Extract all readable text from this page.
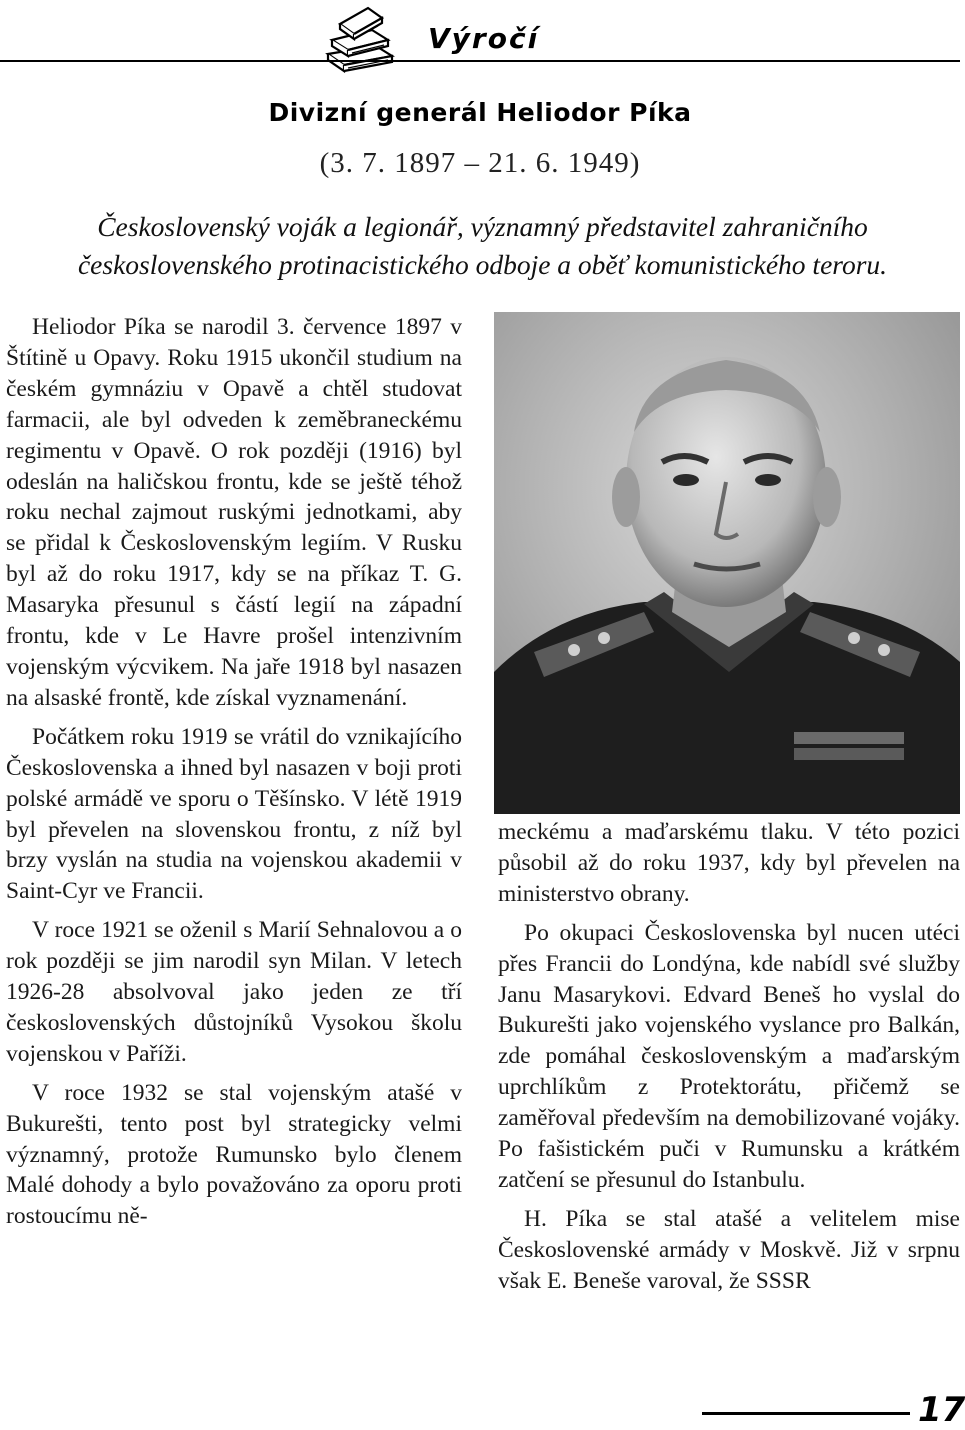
Výročí
Divizní generál Heliodor Píka
(3. 7. 1897 – 21. 6. 1949)
Československý voják a legionář, významný představitel zahraničního československého protinacistického odboje a oběť komunistického teroru.

Heliodor Píka se narodil 3. července 1897 v Štítině u Opavy. Roku 1915 ukončil studium na českém gymnáziu v Opavě a chtěl studovat farmacii, ale byl odveden k zeměbraneckému regimentu v Opavě. O rok později (1916) byl odeslán na haličskou frontu, kde se ještě téhož roku nechal zajmout ruskými jednotkami, aby se přidal k Československým legiím. V Rusku byl až do roku 1917, kdy se na příkaz T. G. Masaryka přesunul s částí legií na západní frontu, kde v Le Havre prošel intenzivním vojenským výcvikem. Na jaře 1918 byl nasazen na alsaské frontě, kde získal vyznamenání.

Počátkem roku 1919 se vrátil do vznikajícího Československa a ihned byl nasazen v boji proti polské armádě ve sporu o Těšínsko. V létě 1919 byl převelen na slovenskou frontu, z níž byl brzy vyslán na studia na vojenskou akademii v Saint-Cyr ve Francii.

V roce 1921 se oženil s Marií Sehnalovou a o rok později se jim narodil syn Milan. V letech 1926-28 absolvoval jako jeden ze tří československých důstojníků Vysokou školu vojenskou v Paříži.

V roce 1932 se stal vojenským atašé v Bukurešti, tento post byl strategicky velmi významný, protože Rumunsko bylo členem Malé dohody a bylo považováno za oporu proti rostoucímu ně-

meckému a maďarskému tlaku. V této pozici působil až do roku 1937, kdy byl převelen na ministerstvo obrany.

Po okupaci Československa byl nucen utéci přes Francii do Londýna, kde nabídl své služby Janu Masarykovi. Edvard Beneš ho vyslal do Bukurešti jako vojenského vyslance pro Balkán, zde pomáhal československým a maďarským uprchlíkům z Protektorátu, přičemž se zaměřoval především na demobilizované vojáky. Po fašistickém puči v Rumunsku a krátkém zatčení se přesunul do Istanbulu.

H. Píka se stal atašé a velitelem mise Československé armády v Moskvě. Již v srpnu však E. Beneše varoval, že SSSR

17
